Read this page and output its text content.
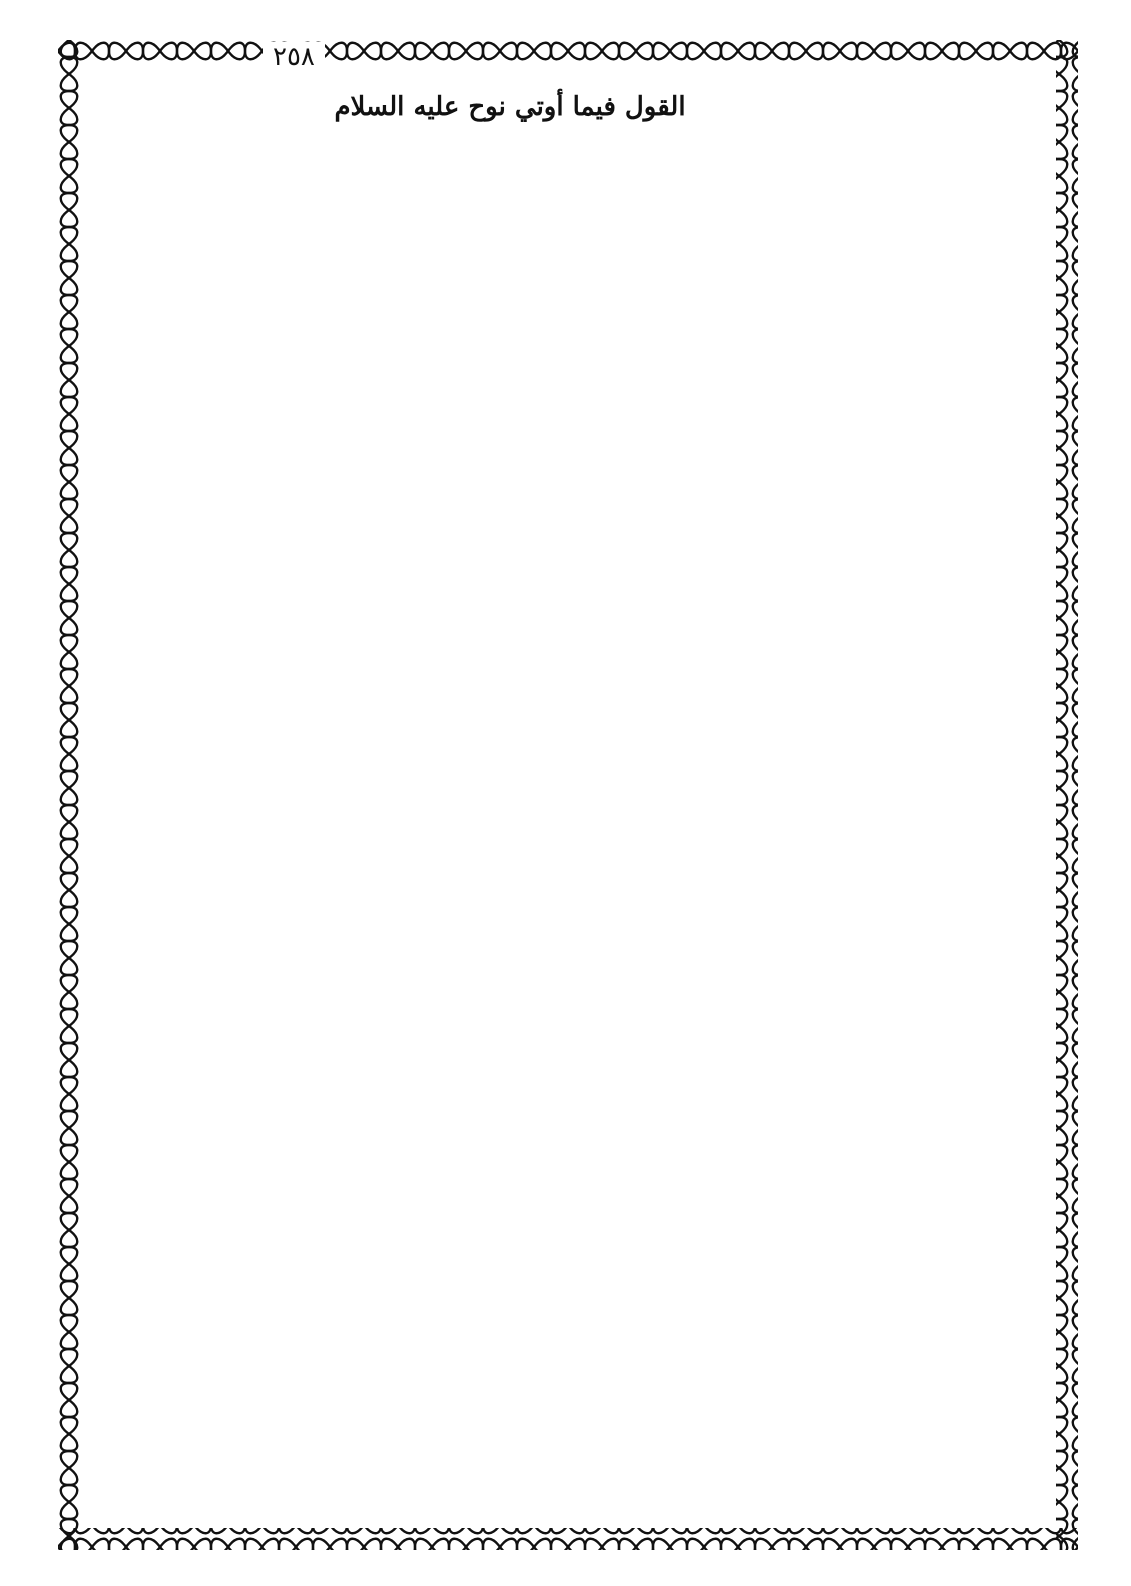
٢٥٨

القول فيما أوتي نوح عليه السلام
